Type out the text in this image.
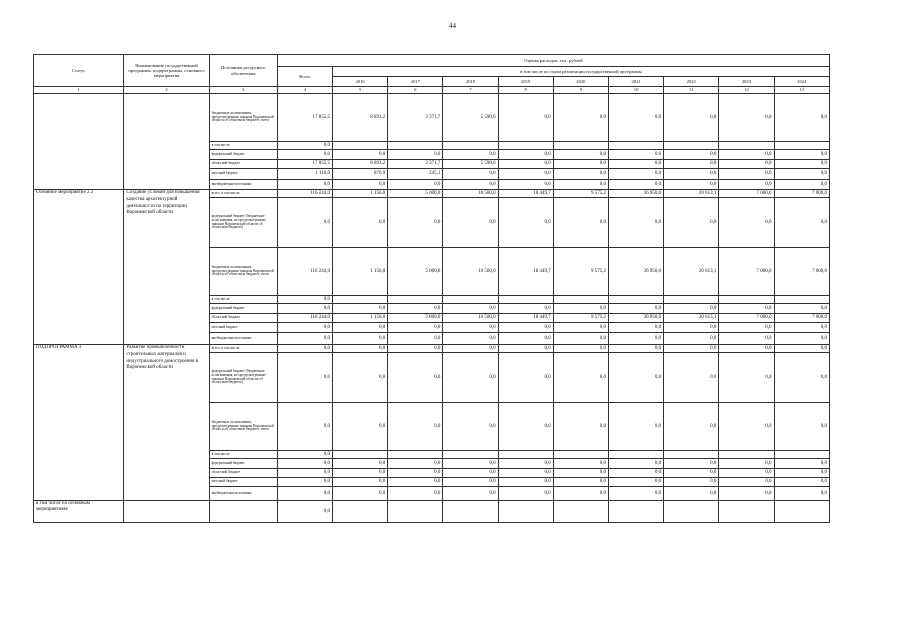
44
Статус	Наименование государственной программы, подпрограммы, основного мероприятия	Источники ресурсного обеспечения	Оценка расходов, тыс. рублей									
			Всего	в том числе по годам реализации государственной программы								
				2016	2017	2018	2019	2020	2021	2022	2023	2024
1	2	3	4	5	6	7	8	9	10	11	12	13
		бюджетные ассигнования, предусмотренные законом Воронежской области об областном бюджете, всего	17 855,5	8 893,2	3 371,7	5 590,6	0,0	0,0	0,0	0,0	0,0	0,0
		в том числе:	0,0									
		федеральный бюджет	0,0	0,0	0,0	0,0	0,0	0,0	0,0	0,0	0,0	0,0
		областной бюджет	17 855,5	8 893,2	3 371,7	5 590,6	0,0	0,0	0,0	0,0	0,0	0,0
		местный бюджет	1 116,0	870,9	245,1	0,0	0,0	0,0	0,0	0,0	0,0	0,0
		внебюджетные источники	0,0	0,0	0,0	0,0	0,0	0,0	0,0	0,0	0,0	0,0
Основное мероприятие 2.3	Создание условий для повышения качества архитектурной деятельности на территории Воронежской области	всего, в том числе:	116 244,0	1 156,0	5 000,0	10 500,0	18 449,7	9 575,2	36 950,0	20 613,1	7 000,0	7 000,0
		федеральный бюджет (бюджетные ассигнования, не предусмотренные законом Воронежской области об областном бюджете)	0,0	0,0	0,0	0,0	0,0	0,0	0,0	0,0	0,0	0,0
		бюджетные ассигнования, предусмотренные законом Воронежской области об областном бюджете, всего	116 244,0	1 156,0	5 000,0	10 500,0	18 449,7	9 575,2	36 950,0	20 613,1	7 000,0	7 000,0
		в том числе:	0,0									
		федеральный бюджет	0,0	0,0	0,0	0,0	0,0	0,0	0,0	0,0	0,0	0,0
		областной бюджет	116 244,0	1 156,0	5 000,0	10 500,0	18 449,7	9 575,2	36 950,0	20 613,1	7 000,0	7 000,0
		местный бюджет	0,0	0,0	0,0	0,0	0,0	0,0	0,0	0,0	0,0	0,0
		внебюджетные источники	0,0	0,0	0,0	0,0	0,0	0,0	0,0	0,0	0,0	0,0
ПОДПРОГРАММА 3	Развитие промышленности строительных материалов и индустриального домостроения в Воронежской области	всего, в том числе:	0,0	0,0	0,0	0,0	0,0	0,0	0,0	0,0	0,0	0,0
		федеральный бюджет (бюджетные ассигнования, не предусмотренные законом Воронежской области об областном бюджете)	0,0	0,0	0,0	0,0	0,0	0,0	0,0	0,0	0,0	0,0
		бюджетные ассигнования, предусмотренные законом Воронежской области об областном бюджете, всего	0,0	0,0	0,0	0,0	0,0	0,0	0,0	0,0	0,0	0,0
		в том числе:	0,0									
		федеральный бюджет	0,0	0,0	0,0	0,0	0,0	0,0	0,0	0,0	0,0	0,0
		областной бюджет	0,0	0,0	0,0	0,0	0,0	0,0	0,0	0,0	0,0	0,0
		местный бюджет	0,0	0,0	0,0	0,0	0,0	0,0	0,0	0,0	0,0	0,0
		внебюджетные источники	0,0	0,0	0,0	0,0	0,0	0,0	0,0	0,0	0,0	0,0
в том числе по основным мероприятиям:			0,0									
